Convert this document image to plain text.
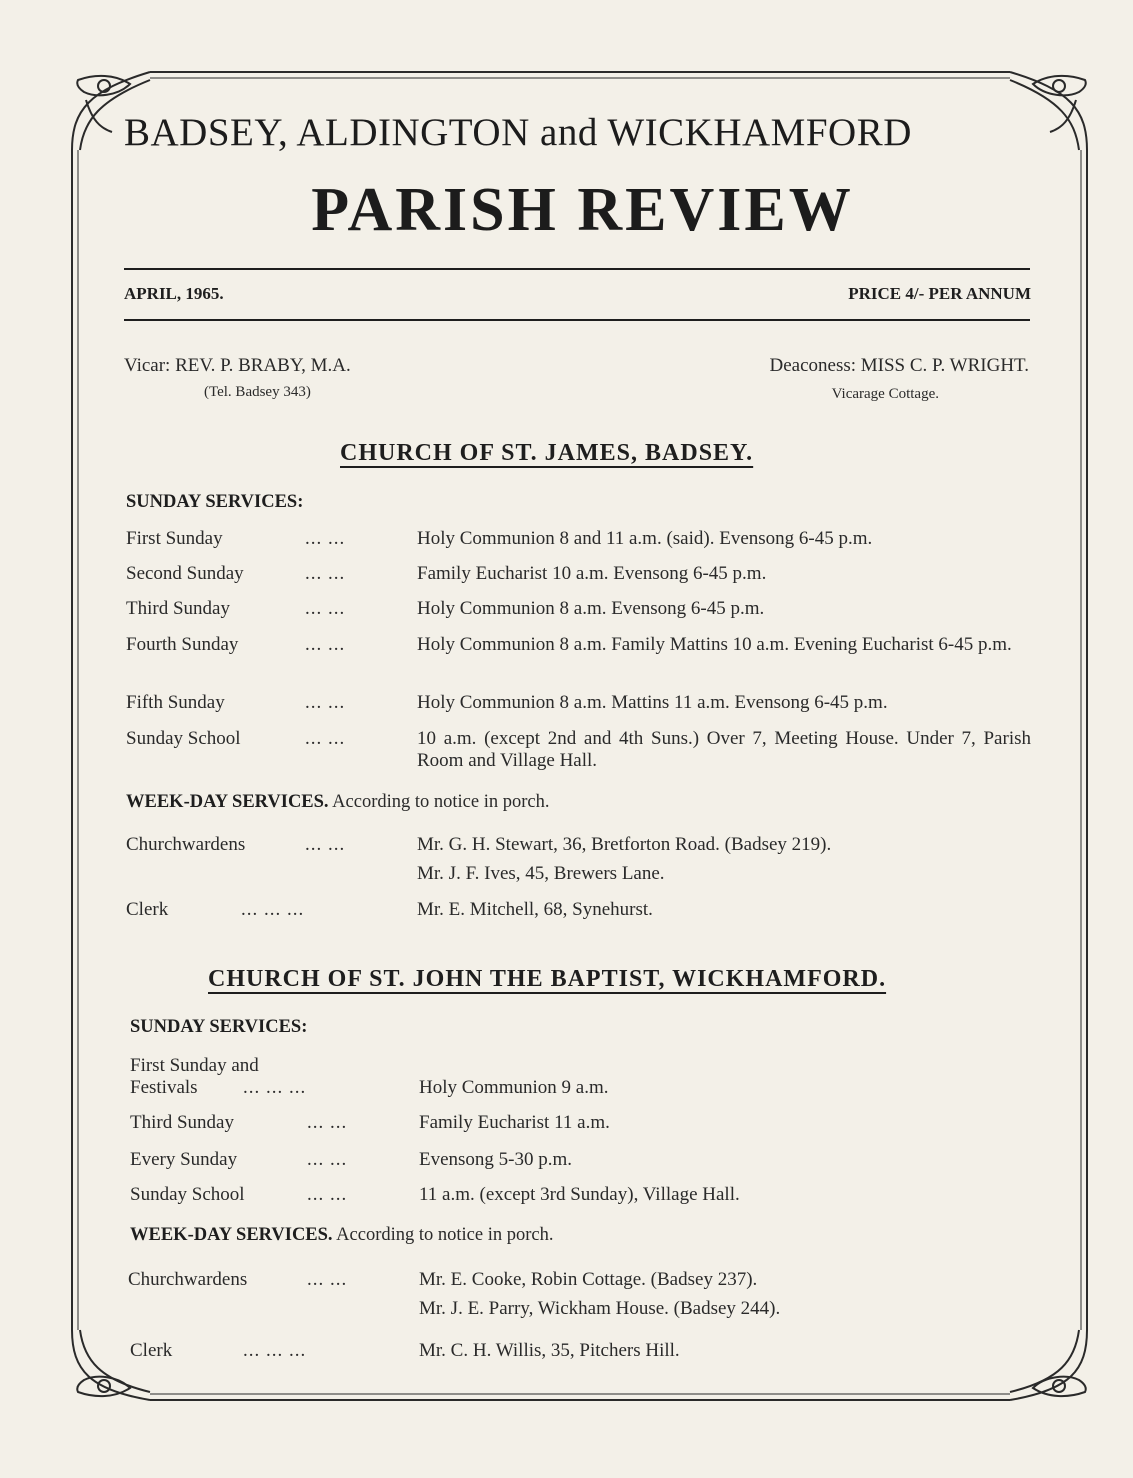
BADSEY, ALDINGTON and WICKHAMFORD
PARISH REVIEW
APRIL, 1965.	PRICE 4/- PER ANNUM
Vicar: REV. P. BRABY, M.A.
(Tel. Badsey 343)
Deaconess: MISS C. P. WRIGHT.
Vicarage Cottage.
CHURCH OF ST. JAMES, BADSEY.
SUNDAY SERVICES:
First Sunday	... ...	Holy Communion 8 and 11 a.m. (said). Evensong 6-45 p.m.
Second Sunday	... ...	Family Eucharist 10 a.m. Evensong 6-45 p.m.
Third Sunday	... ...	Holy Communion 8 a.m. Evensong 6-45 p.m.
Fourth Sunday	... ...	Holy Communion 8 a.m. Family Mattins 10 a.m. Evening Eucharist 6-45 p.m.
Fifth Sunday	... ...	Holy Communion 8 a.m. Mattins 11 a.m. Evensong 6-45 p.m.
Sunday School	... ...	10 a.m. (except 2nd and 4th Suns.) Over 7, Meeting House. Under 7, Parish Room and Village Hall.
WEEK-DAY SERVICES. According to notice in porch.
Churchwardens	... ...	Mr. G. H. Stewart, 36, Bretforton Road. (Badsey 219).
Mr. J. F. Ives, 45, Brewers Lane.
Clerk	... ... ...	Mr. E. Mitchell, 68, Synehurst.
CHURCH OF ST. JOHN THE BAPTIST, WICKHAMFORD.
SUNDAY SERVICES:
First Sunday and
Festivals ... ... ...	Holy Communion 9 a.m.
Third Sunday	... ...	Family Eucharist 11 a.m.
Every Sunday	... ...	Evensong 5-30 p.m.
Sunday School	... ...	11 a.m. (except 3rd Sunday), Village Hall.
WEEK-DAY SERVICES. According to notice in porch.
Churchwardens	... ...	Mr. E. Cooke, Robin Cottage. (Badsey 237).
Mr. J. E. Parry, Wickham House. (Badsey 244).
Clerk	... ... ...	Mr. C. H. Willis, 35, Pitchers Hill.
